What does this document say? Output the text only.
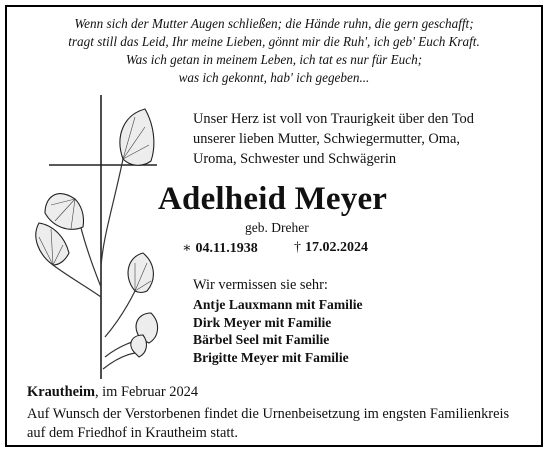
Wenn sich der Mutter Augen schließen; die Hände ruhn, die gern geschafft;
tragt still das Leid, Ihr meine Lieben, gönnt mir die Ruh', ich geb' Euch Kraft.
Was ich getan in meinem Leben, ich tat es nur für Euch;
was ich gekonnt, hab' ich gegeben...
Unser Herz ist voll von Traurigkeit über den Tod
unserer lieben Mutter, Schwiegermutter, Oma,
Uroma, Schwester und Schwägerin
Adelheid Meyer
geb. Dreher
∗ 04.11.1938	† 17.02.2024
Wir vermissen sie sehr:
Antje Lauxmann mit Familie
Dirk Meyer mit Familie
Bärbel Seel mit Familie
Brigitte Meyer mit Familie
Krautheim, im Februar 2024
Auf Wunsch der Verstorbenen findet die Urnenbeisetzung im engsten Familienkreis
auf dem Friedhof in Krautheim statt.
